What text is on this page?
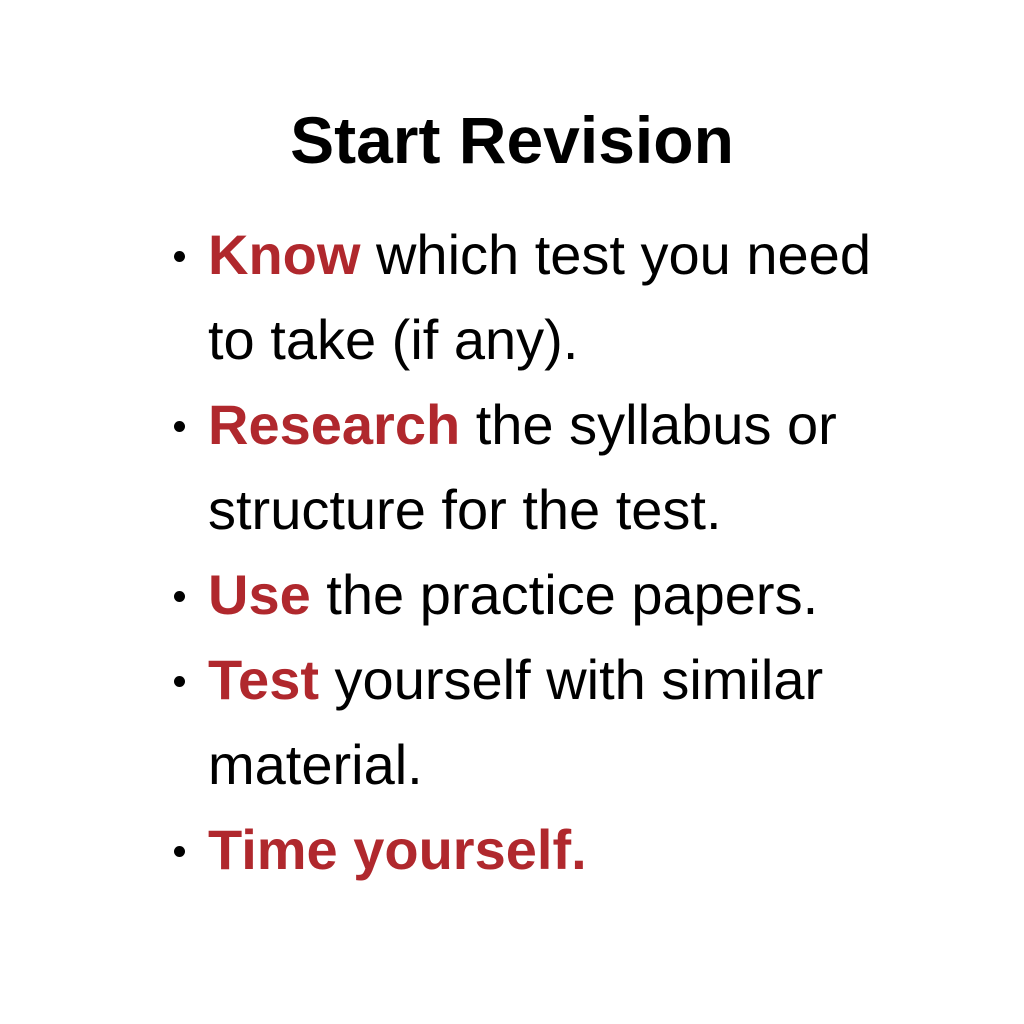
Start Revision
Know which test you need to take (if any).
Research the syllabus or structure for the test.
Use the practice papers.
Test yourself with similar material.
Time yourself.
